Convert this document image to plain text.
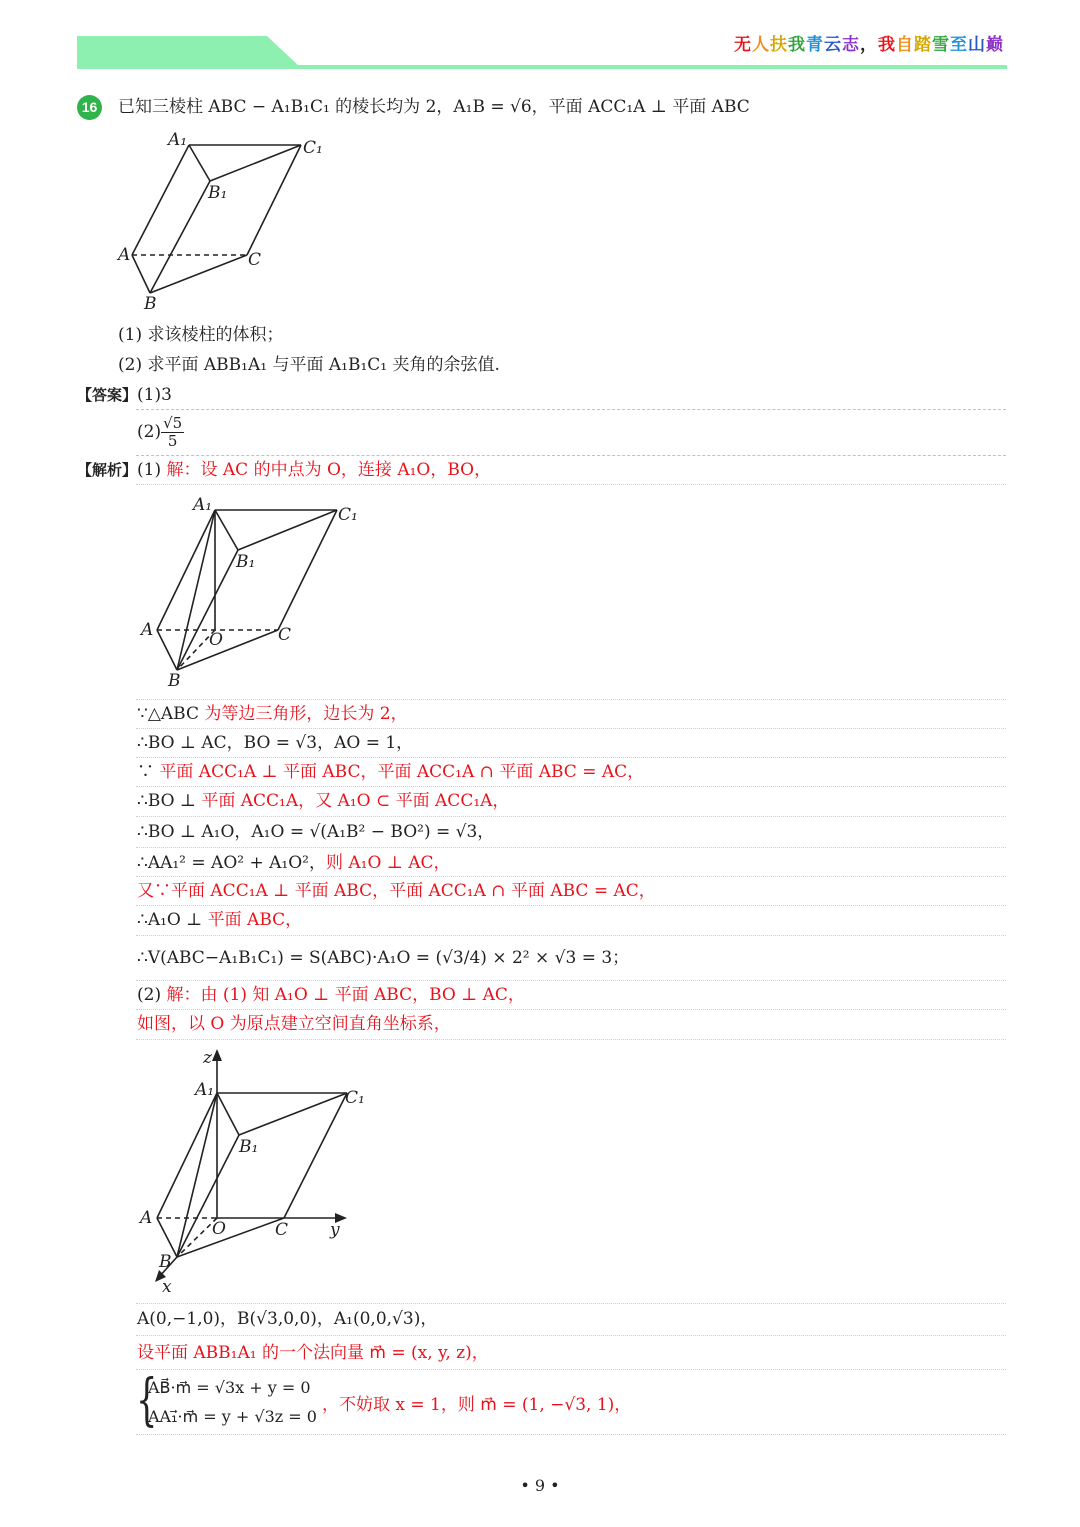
无人扶我青云志，我自踏雪至山巅
16 已知三棱柱 ABC − A₁B₁C₁ 的棱长均为 2，A₁B = √6，平面 ACC₁A ⊥ 平面 ABC
A₁	C₁
B₁
A	C
B
(1) 求该棱柱的体积；
(2) 求平面 ABB₁A₁ 与平面 A₁B₁C₁ 夹角的余弦值.
【答案】(1)3
$(2) \frac{√5}{5}$
【解析】(1) 解：设 AC 的中点为 O，连接 A₁O，BO，
A₁	C₁
B₁
A	O	C
B
∵△ABC 为等边三角形，边长为 2，
∴BO ⊥ AC，BO = √3，AO = 1，
∵ 平面 ACC₁A ⊥ 平面 ABC，平面 ACC₁A ∩ 平面 ABC = AC，
∴BO ⊥ 平面 ACC₁A，又 A₁O ⊂ 平面 ACC₁A，
∴BO ⊥ A₁O，A₁O = √(A₁B² − BO²) = √3，
∴AA₁² = AO² + A₁O²，则 A₁O ⊥ AC，
又∵平面 ACC₁A ⊥ 平面 ABC，平面 ACC₁A ∩ 平面 ABC = AC，
∴A₁O ⊥ 平面 ABC，
∴V(ABC−A₁B₁C₁) = S(ABC)·A₁O = (√3/4) × 2² × √3 = 3；
(2) 解：由 (1) 知 A₁O ⊥ 平面 ABC，BO ⊥ AC，
如图，以 O 为原点建立空间直角坐标系，
z
A₁	C₁
B₁
A
O	C y
B
x
A(0,−1,0)，B(√3,0,0)，A₁(0,0,√3)，
设平面 ABB₁A₁ 的一个法向量 m⃗ = (x, y, z)，
{
AB⃗·m⃗ = √3x + y = 0
AA₁⃗·m⃗ = y + √3z = 0
，不妨取 x = 1，则 m⃗ = (1, −√3, 1)，
• 9 •
